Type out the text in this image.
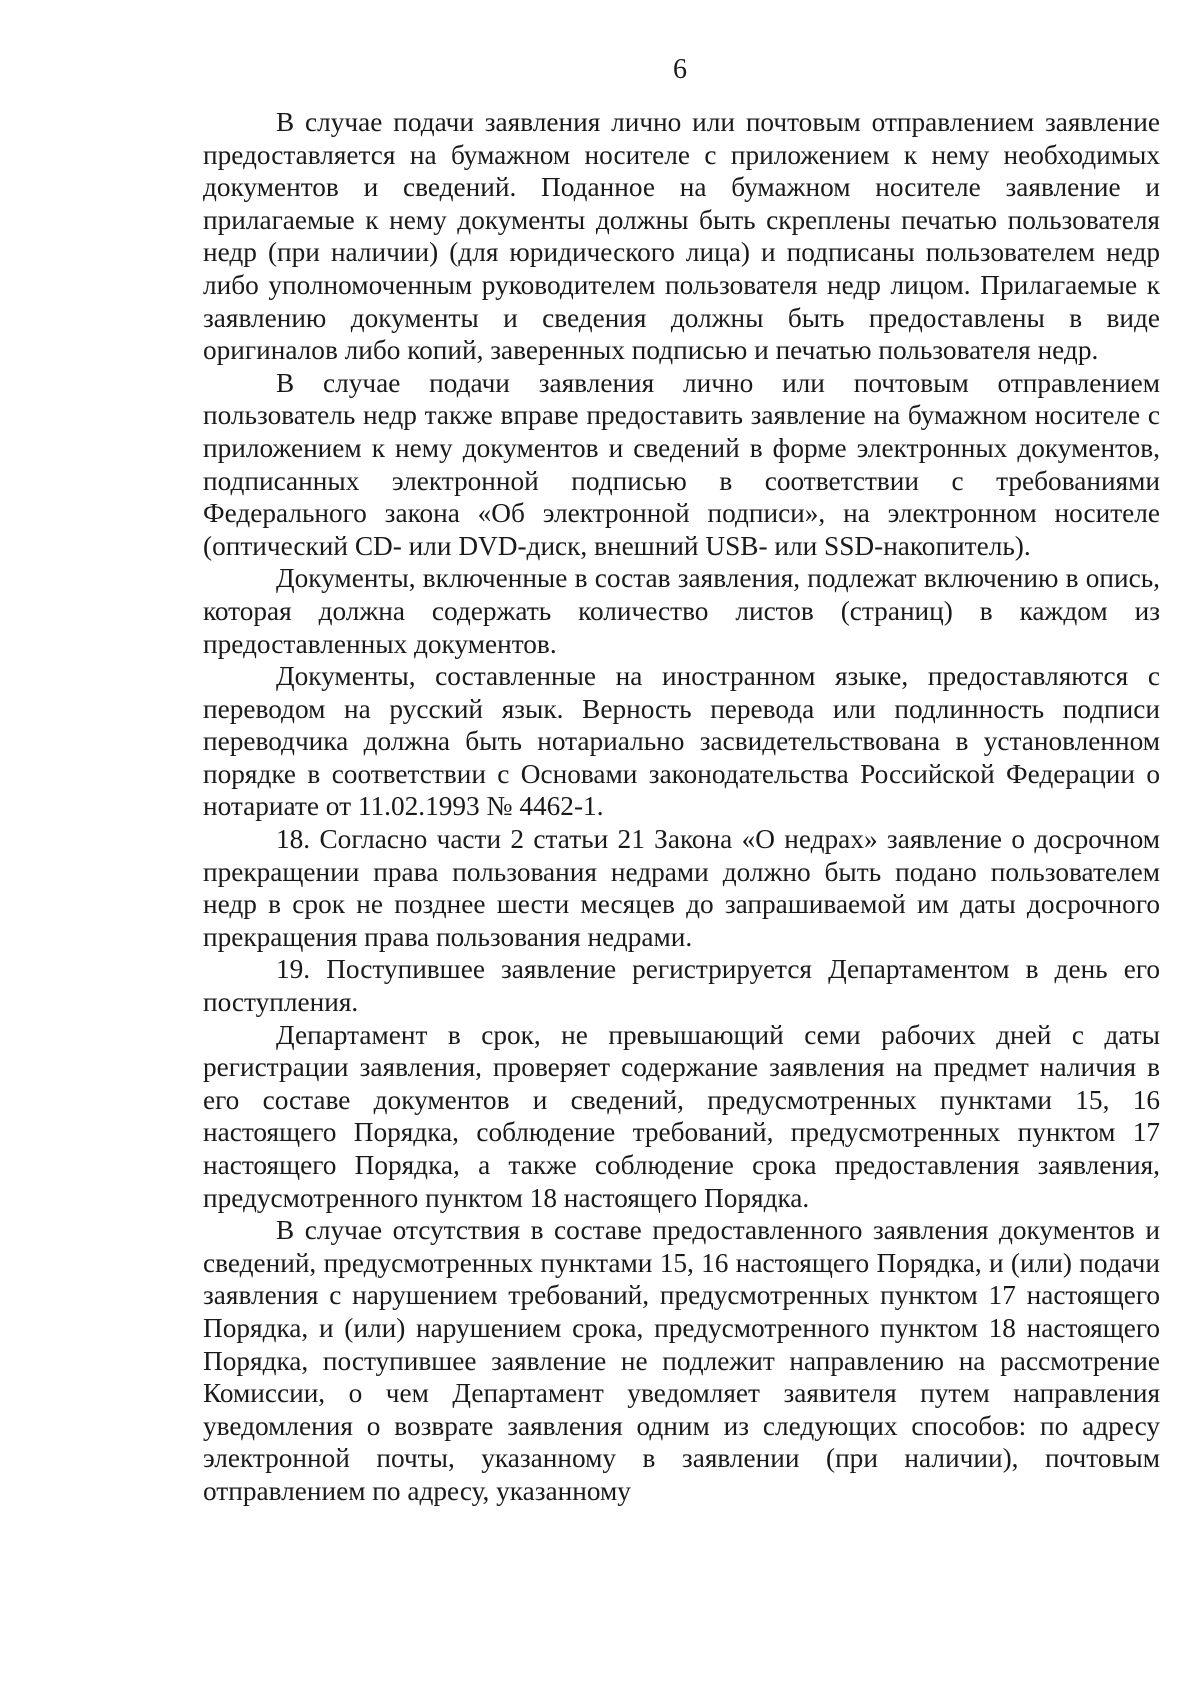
6

В случае подачи заявления лично или почтовым отправлением заявление предоставляется на бумажном носителе с приложением к нему необходимых документов и сведений. Поданное на бумажном носителе заявление и прилагаемые к нему документы должны быть скреплены печатью пользователя недр (при наличии) (для юридического лица) и подписаны пользователем недр либо уполномоченным руководителем пользователя недр лицом. Прилагаемые к заявлению документы и сведения должны быть предоставлены в виде оригиналов либо копий, заверенных подписью и печатью пользователя недр.

В случае подачи заявления лично или почтовым отправлением пользователь недр также вправе предоставить заявление на бумажном носителе с приложением к нему документов и сведений в форме электронных документов, подписанных электронной подписью в соответствии с требованиями Федерального закона «Об электронной подписи», на электронном носителе (оптический CD- или DVD-диск, внешний USB- или SSD-накопитель).

Документы, включенные в состав заявления, подлежат включению в опись, которая должна содержать количество листов (страниц) в каждом из предоставленных документов.

Документы, составленные на иностранном языке, предоставляются с переводом на русский язык. Верность перевода или подлинность подписи переводчика должна быть нотариально засвидетельствована в установленном порядке в соответствии с Основами законодательства Российской Федерации о нотариате от 11.02.1993 № 4462-1.

18. Согласно части 2 статьи 21 Закона «О недрах» заявление о досрочном прекращении права пользования недрами должно быть подано пользователем недр в срок не позднее шести месяцев до запрашиваемой им даты досрочного прекращения права пользования недрами.

19. Поступившее заявление регистрируется Департаментом в день его поступления.

Департамент в срок, не превышающий семи рабочих дней с даты регистрации заявления, проверяет содержание заявления на предмет наличия в его составе документов и сведений, предусмотренных пунктами 15, 16 настоящего Порядка, соблюдение требований, предусмотренных пунктом 17 настоящего Порядка, а также соблюдение срока предоставления заявления, предусмотренного пунктом 18 настоящего Порядка.

В случае отсутствия в составе предоставленного заявления документов и сведений, предусмотренных пунктами 15, 16 настоящего Порядка, и (или) подачи заявления с нарушением требований, предусмотренных пунктом 17 настоящего Порядка, и (или) нарушением срока, предусмотренного пунктом 18 настоящего Порядка, поступившее заявление не подлежит направлению на рассмотрение Комиссии, о чем Департамент уведомляет заявителя путем направления уведомления о возврате заявления одним из следующих способов: по адресу электронной почты, указанному в заявлении (при наличии), почтовым отправлением по адресу, указанному
